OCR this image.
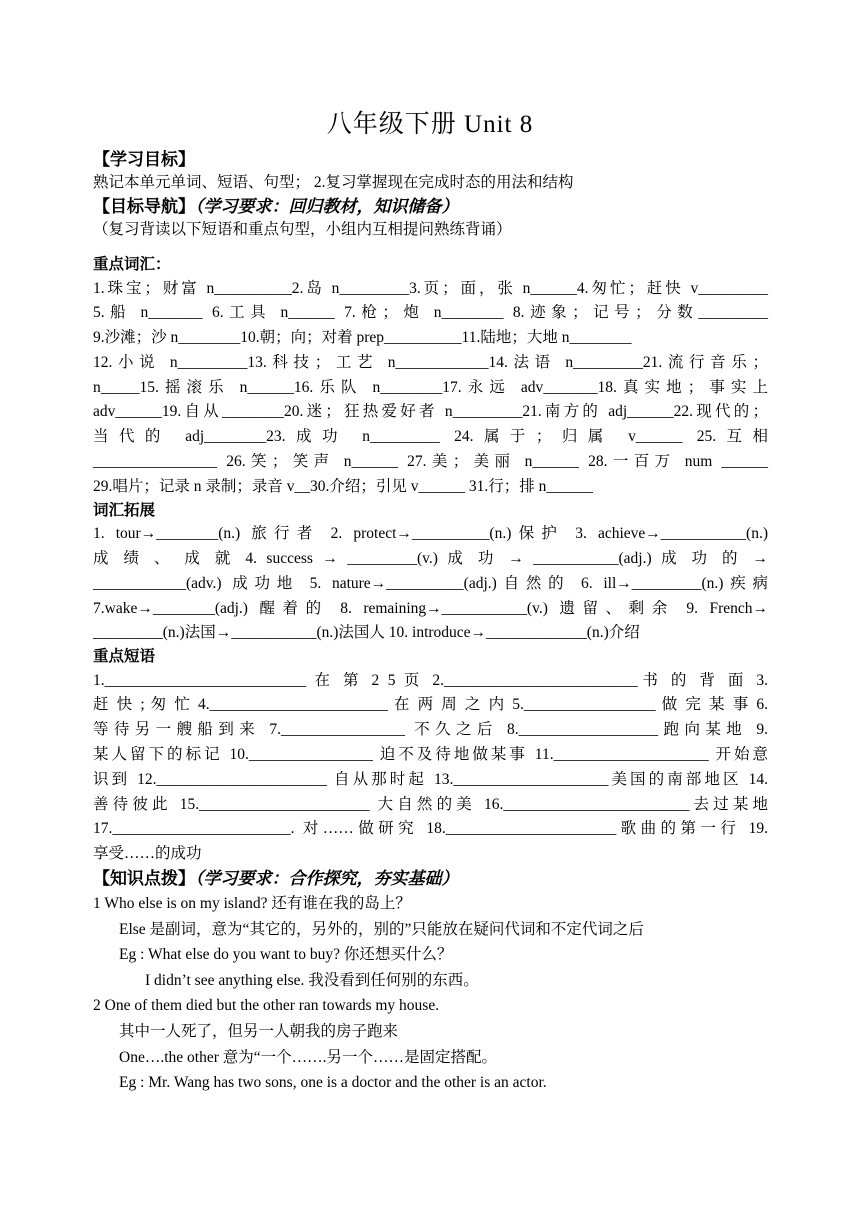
八年级下册 Unit 8
【学习目标】
熟记本单元单词、短语、句型； 2.复习掌握现在完成时态的用法和结构
【目标导航】（学习要求：回归教材，知识储备）
（复习背读以下短语和重点句型，小组内互相提问熟练背诵）
重点词汇：
1.珠宝；财富 n__________2.岛 n_________3.页；面，张 n______4.匆忙；赶快 v_________
5.船 n_______ 6.工具 n______ 7.枪；炮 n________ 8.迹象；记号；分数_________
9.沙滩；沙 n________10.朝；向；对着 prep__________11.陆地；大地 n________
12.小说 n_________13.科技；工艺 n____________14.法语 n_________21.流行音乐；
n_____15.摇滚乐 n______16.乐队 n________17.永远 adv_______18.真实地；事实上
adv______19.自从________20.迷；狂热爱好者 n_________21.南方的 adj______22.现代的；
当代的 adj________23.成功 n_________ 24.属于；归属 v______ 25.互相
________________ 26.笑；笑声 n______ 27.美；美丽 n______ 28.一百万 num ______
29.唱片；记录 n 录制；录音 v__30.介绍；引见 v______ 31.行；排 n______
词汇拓展
1. tour→________(n.) 旅行者 2. protect→__________(n.)保护 3. achieve→___________(n.)
成 绩 、 成 就 4. success → _________(v.) 成 功 → ___________(adj.) 成 功 的 →
____________(adv.) 成功地 5. nature→__________(adj.)自然的 6. ill→_________(n.)疾病
7.wake→________(adj.) 醒着的 8. remaining→___________(v.) 遗留、剩余 9. French→
_________(n.)法国→___________(n.)法国人 10. introduce→_____________(n.)介绍
重点短语
1.__________________________ 在 第 2 5 页 2._________________________书 的 背 面 3.
赶 快 ; 匆 忙 4._______________________ 在 两 周 之 内 5._________________ 做 完 某 事 6.
等待另一艘船到来 7.________________ 不久之后 8.__________________跑向某地 9.
某人留下的标记 10.________________ 迫不及待地做某事 11.____________________ 开始意
识到 12.______________________ 自从那时起 13.____________________美国的南部地区 14.
善待彼此 15.______________________ 大自然的美 16.________________________去过某地
17._______________________. 对……做研究 18.______________________歌曲的第一行 19.
享受……的成功
【知识点拨】（学习要求：合作探究，夯实基础）
1 Who else is on my island? 还有谁在我的岛上？
Else 是副词，意为“其它的，另外的，别的”只能放在疑问代词和不定代词之后
Eg : What else do you want to buy? 你还想买什么？
I didn’t see anything else. 我没看到任何别的东西。
2 One of them died but the other ran towards my house.
其中一人死了，但另一人朝我的房子跑来
One….the other 意为“一个…….另一个……是固定搭配。
Eg : Mr. Wang has two sons, one is a doctor and the other is an actor.
